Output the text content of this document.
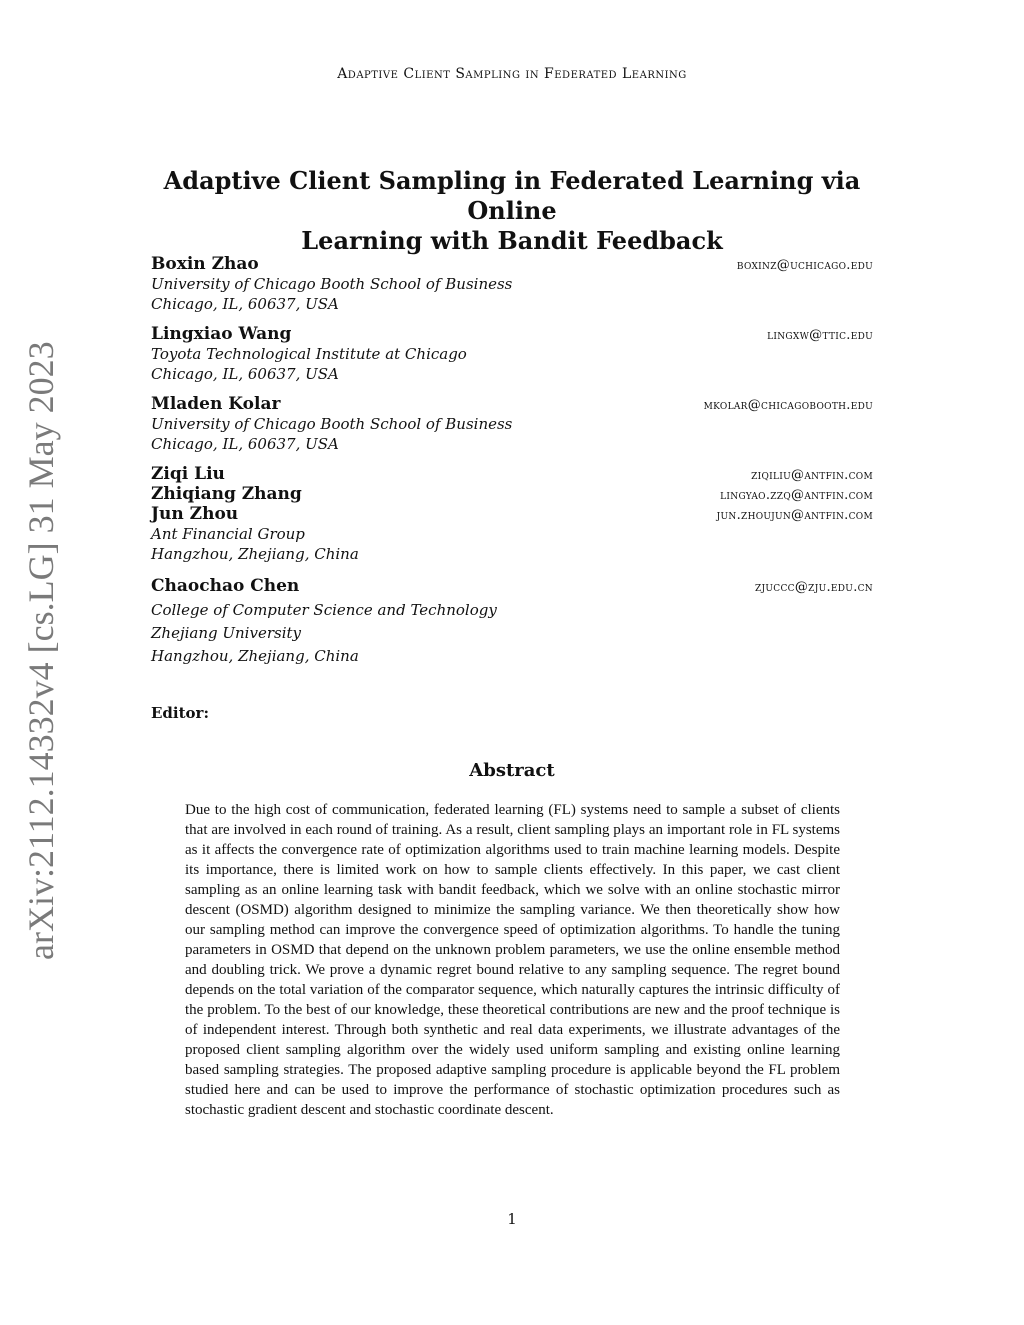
Adaptive Client Sampling in Federated Learning
arXiv:2112.14332v4 [cs.LG] 31 May 2023
Adaptive Client Sampling in Federated Learning via Online
Learning with Bandit Feedback
Boxin Zhao	boxinz@uchicago.edu
University of Chicago Booth School of Business
Chicago, IL, 60637, USA
Lingxiao Wang	lingxw@ttic.edu
Toyota Technological Institute at Chicago
Chicago, IL, 60637, USA
Mladen Kolar	mkolar@chicagobooth.edu
University of Chicago Booth School of Business
Chicago, IL, 60637, USA
Ziqi Liu	ziqiliu@antfin.com
Zhiqiang Zhang	lingyao.zzq@antfin.com
Jun Zhou	jun.zhoujun@antfin.com
Ant Financial Group
Hangzhou, Zhejiang, China
Chaochao Chen	zjuccc@zju.edu.cn
College of Computer Science and Technology
Zhejiang University
Hangzhou, Zhejiang, China
Editor:
Abstract
Due to the high cost of communication, federated learning (FL) systems need to sample a subset of clients that are involved in each round of training. As a result, client sampling plays an important role in FL systems as it affects the convergence rate of optimization algorithms used to train machine learning models. Despite its importance, there is limited work on how to sample clients effectively. In this paper, we cast client sampling as an online learning task with bandit feedback, which we solve with an online stochastic mirror descent (OSMD) algorithm designed to minimize the sampling variance. We then theoretically show how our sampling method can improve the convergence speed of optimization algorithms. To handle the tuning parameters in OSMD that depend on the unknown problem parameters, we use the online ensemble method and doubling trick. We prove a dynamic regret bound relative to any sampling sequence. The regret bound depends on the total variation of the comparator sequence, which naturally captures the intrinsic difficulty of the problem. To the best of our knowledge, these theoretical contributions are new and the proof technique is of independent interest. Through both synthetic and real data experiments, we illustrate advantages of the proposed client sampling algorithm over the widely used uniform sampling and existing online learning based sampling strategies. The proposed adaptive sampling procedure is applicable beyond the FL problem studied here and can be used to improve the performance of stochastic optimization procedures such as stochastic gradient descent and stochastic coordinate descent.
1
